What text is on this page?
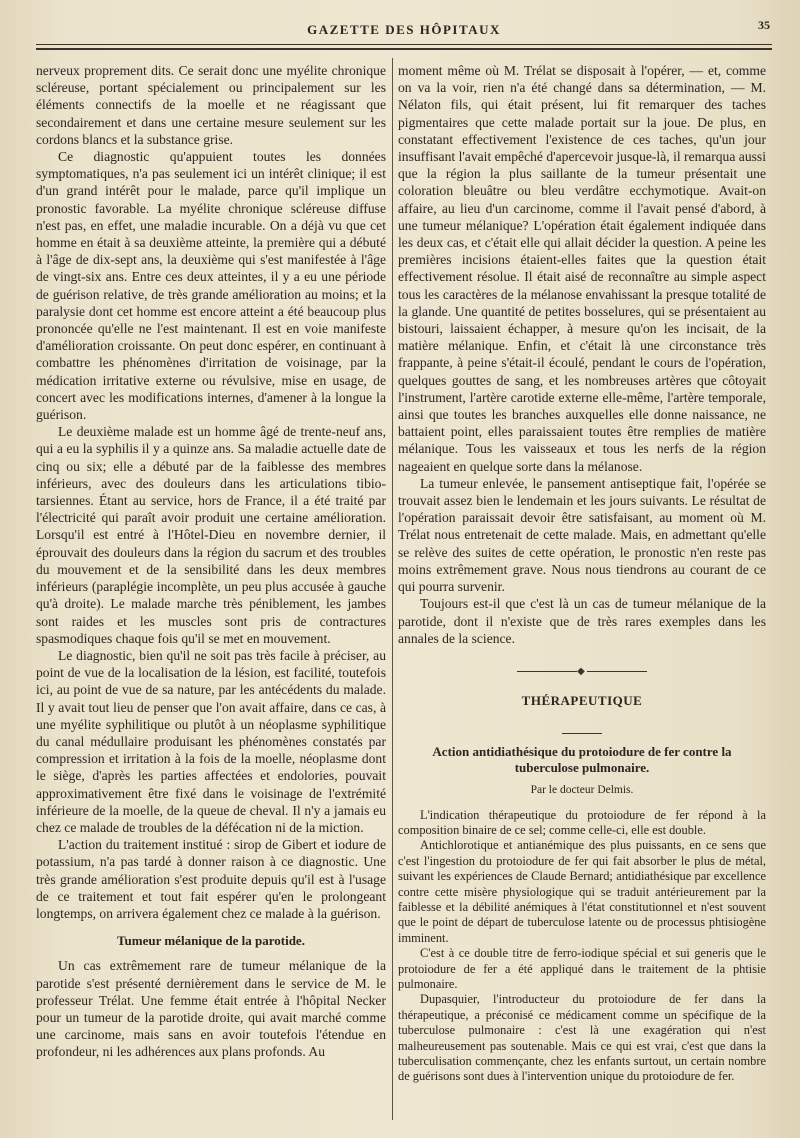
GAZETTE DES HÔPITAUX	35

nerveux proprement dits. Ce serait donc une myélite chronique scléreuse, portant spécialement ou principalement sur les éléments connectifs de la moelle et ne réagissant que secondairement et dans une certaine mesure seulement sur les cordons blancs et la substance grise.

Ce diagnostic qu'appuient toutes les données symptomatiques, n'a pas seulement ici un intérêt clinique; il est d'un grand intérêt pour le malade, parce qu'il implique un pronostic favorable. La myélite chronique scléreuse diffuse n'est pas, en effet, une maladie incurable. On a déjà vu que cet homme en était à sa deuxième atteinte, la première qui a débuté à l'âge de dix-sept ans, la deuxième qui s'est manifestée à l'âge de vingt-six ans. Entre ces deux atteintes, il y a eu une période de guérison relative, de très grande amélioration au moins; et la paralysie dont cet homme est encore atteint a été beaucoup plus prononcée qu'elle ne l'est maintenant. Il est en voie manifeste d'amélioration croissante. On peut donc espérer, en continuant à combattre les phénomènes d'irritation de voisinage, par la médication irritative externe ou révulsive, mise en usage, de concert avec les modifications internes, d'amener à la longue la guérison.

Le deuxième malade est un homme âgé de trente-neuf ans, qui a eu la syphilis il y a quinze ans. Sa maladie actuelle date de cinq ou six; elle a débuté par de la faiblesse des membres inférieurs, avec des douleurs dans les articulations tibio-tarsiennes. Étant au service, hors de France, il a été traité par l'électricité qui paraît avoir produit une certaine amélioration. Lorsqu'il est entré à l'Hôtel-Dieu en novembre dernier, il éprouvait des douleurs dans la région du sacrum et des troubles du mouvement et de la sensibilité dans les deux membres inférieurs (paraplégie incomplète, un peu plus accusée à gauche qu'à droite). Le malade marche très péniblement, les jambes sont raides et les muscles sont pris de contractures spasmodiques chaque fois qu'il se met en mouvement.

Le diagnostic, bien qu'il ne soit pas très facile à préciser, au point de vue de la localisation de la lésion, est facilité, toutefois ici, au point de vue de sa nature, par les antécédents du malade. Il y avait tout lieu de penser que l'on avait affaire, dans ce cas, à une myélite syphilitique ou plutôt à un néoplasme syphilitique du canal médullaire produisant les phénomènes constatés par compression et irritation à la fois de la moelle, néoplasme dont le siège, d'après les parties affectées et endolories, pouvait approximativement être fixé dans le voisinage de l'extrémité inférieure de la moelle, de la queue de cheval. Il n'y a jamais eu chez ce malade de troubles de la défécation ni de la miction.

L'action du traitement institué : sirop de Gibert et iodure de potassium, n'a pas tardé à donner raison à ce diagnostic. Une très grande amélioration s'est produite depuis qu'il est à l'usage de ce traitement et tout fait espérer qu'en le prolongeant longtemps, on arrivera également chez ce malade à la guérison.

Tumeur mélanique de la parotide.

Un cas extrêmement rare de tumeur mélanique de la parotide s'est présenté dernièrement dans le service de M. le professeur Trélat. Une femme était entrée à l'hôpital Necker pour un tumeur de la parotide droite, qui avait marché comme une carcinome, mais sans en avoir toutefois l'étendue en profondeur, ni les adhérences aux plans profonds. Au

moment même où M. Trélat se disposait à l'opérer, — et, comme on va la voir, rien n'a été changé dans sa détermination, — M. Nélaton fils, qui était présent, lui fit remarquer des taches pigmentaires que cette malade portait sur la joue. De plus, en constatant effectivement l'existence de ces taches, qu'un jour insuffisant l'avait empêché d'apercevoir jusque-là, il remarqua aussi que la région la plus saillante de la tumeur présentait une coloration bleuâtre ou bleu verdâtre ecchymotique. Avait-on affaire, au lieu d'un carcinome, comme il l'avait pensé d'abord, à une tumeur mélanique? L'opération était également indiquée dans les deux cas, et c'était elle qui allait décider la question. A peine les premières incisions étaient-elles faites que la question était effectivement résolue. Il était aisé de reconnaître au simple aspect tous les caractères de la mélanose envahissant la presque totalité de la glande. Une quantité de petites bosselures, qui se présentaient au bistouri, laissaient échapper, à mesure qu'on les incisait, de la matière mélanique. Enfin, et c'était là une circonstance très frappante, à peine s'était-il écoulé, pendant le cours de l'opération, quelques gouttes de sang, et les nombreuses artères que côtoyait l'instrument, l'artère carotide externe elle-même, l'artère temporale, ainsi que toutes les branches auxquelles elle donne naissance, ne battaient point, elles paraissaient toutes être remplies de matière mélanique. Tous les vaisseaux et tous les nerfs de la région nageaient en quelque sorte dans la mélanose.

La tumeur enlevée, le pansement antiseptique fait, l'opérée se trouvait assez bien le lendemain et les jours suivants. Le résultat de l'opération paraissait devoir être satisfaisant, au moment où M. Trélat nous entretenait de cette malade. Mais, en admettant qu'elle se relève des suites de cette opération, le pronostic n'en reste pas moins extrêmement grave. Nous nous tiendrons au courant de ce qui pourra survenir.

Toujours est-il que c'est là un cas de tumeur mélanique de la parotide, dont il n'existe que de très rares exemples dans les annales de la science.

◆
THÉRAPEUTIQUE
Action antidiathésique du protoiodure de fer contre la tuberculose pulmonaire.
Par le docteur Delmis.

L'indication thérapeutique du protoiodure de fer répond à la composition binaire de ce sel; comme celle-ci, elle est double.

Antichlorotique et antianémique des plus puissants, en ce sens que c'est l'ingestion du protoiodure de fer qui fait absorber le plus de métal, suivant les expériences de Claude Bernard; antidiathésique par excellence contre cette misère physiologique qui se traduit antérieurement par la faiblesse et la débilité anémiques à l'état constitutionnel et n'est souvent que le point de départ de tuberculose latente ou de processus phtisiogène imminent.

C'est à ce double titre de ferro-iodique spécial et sui generis que le protoiodure de fer a été appliqué dans le traitement de la phtisie pulmonaire.

Dupasquier, l'introducteur du protoiodure de fer dans la thérapeutique, a préconisé ce médicament comme un spécifique de la tuberculose pulmonaire : c'est là une exagération qui n'est malheureusement pas soutenable. Mais ce qui est vrai, c'est que dans la tuberculisation commençante, chez les enfants surtout, un certain nombre de guérisons sont dues à l'intervention unique du protoiodure de fer.
